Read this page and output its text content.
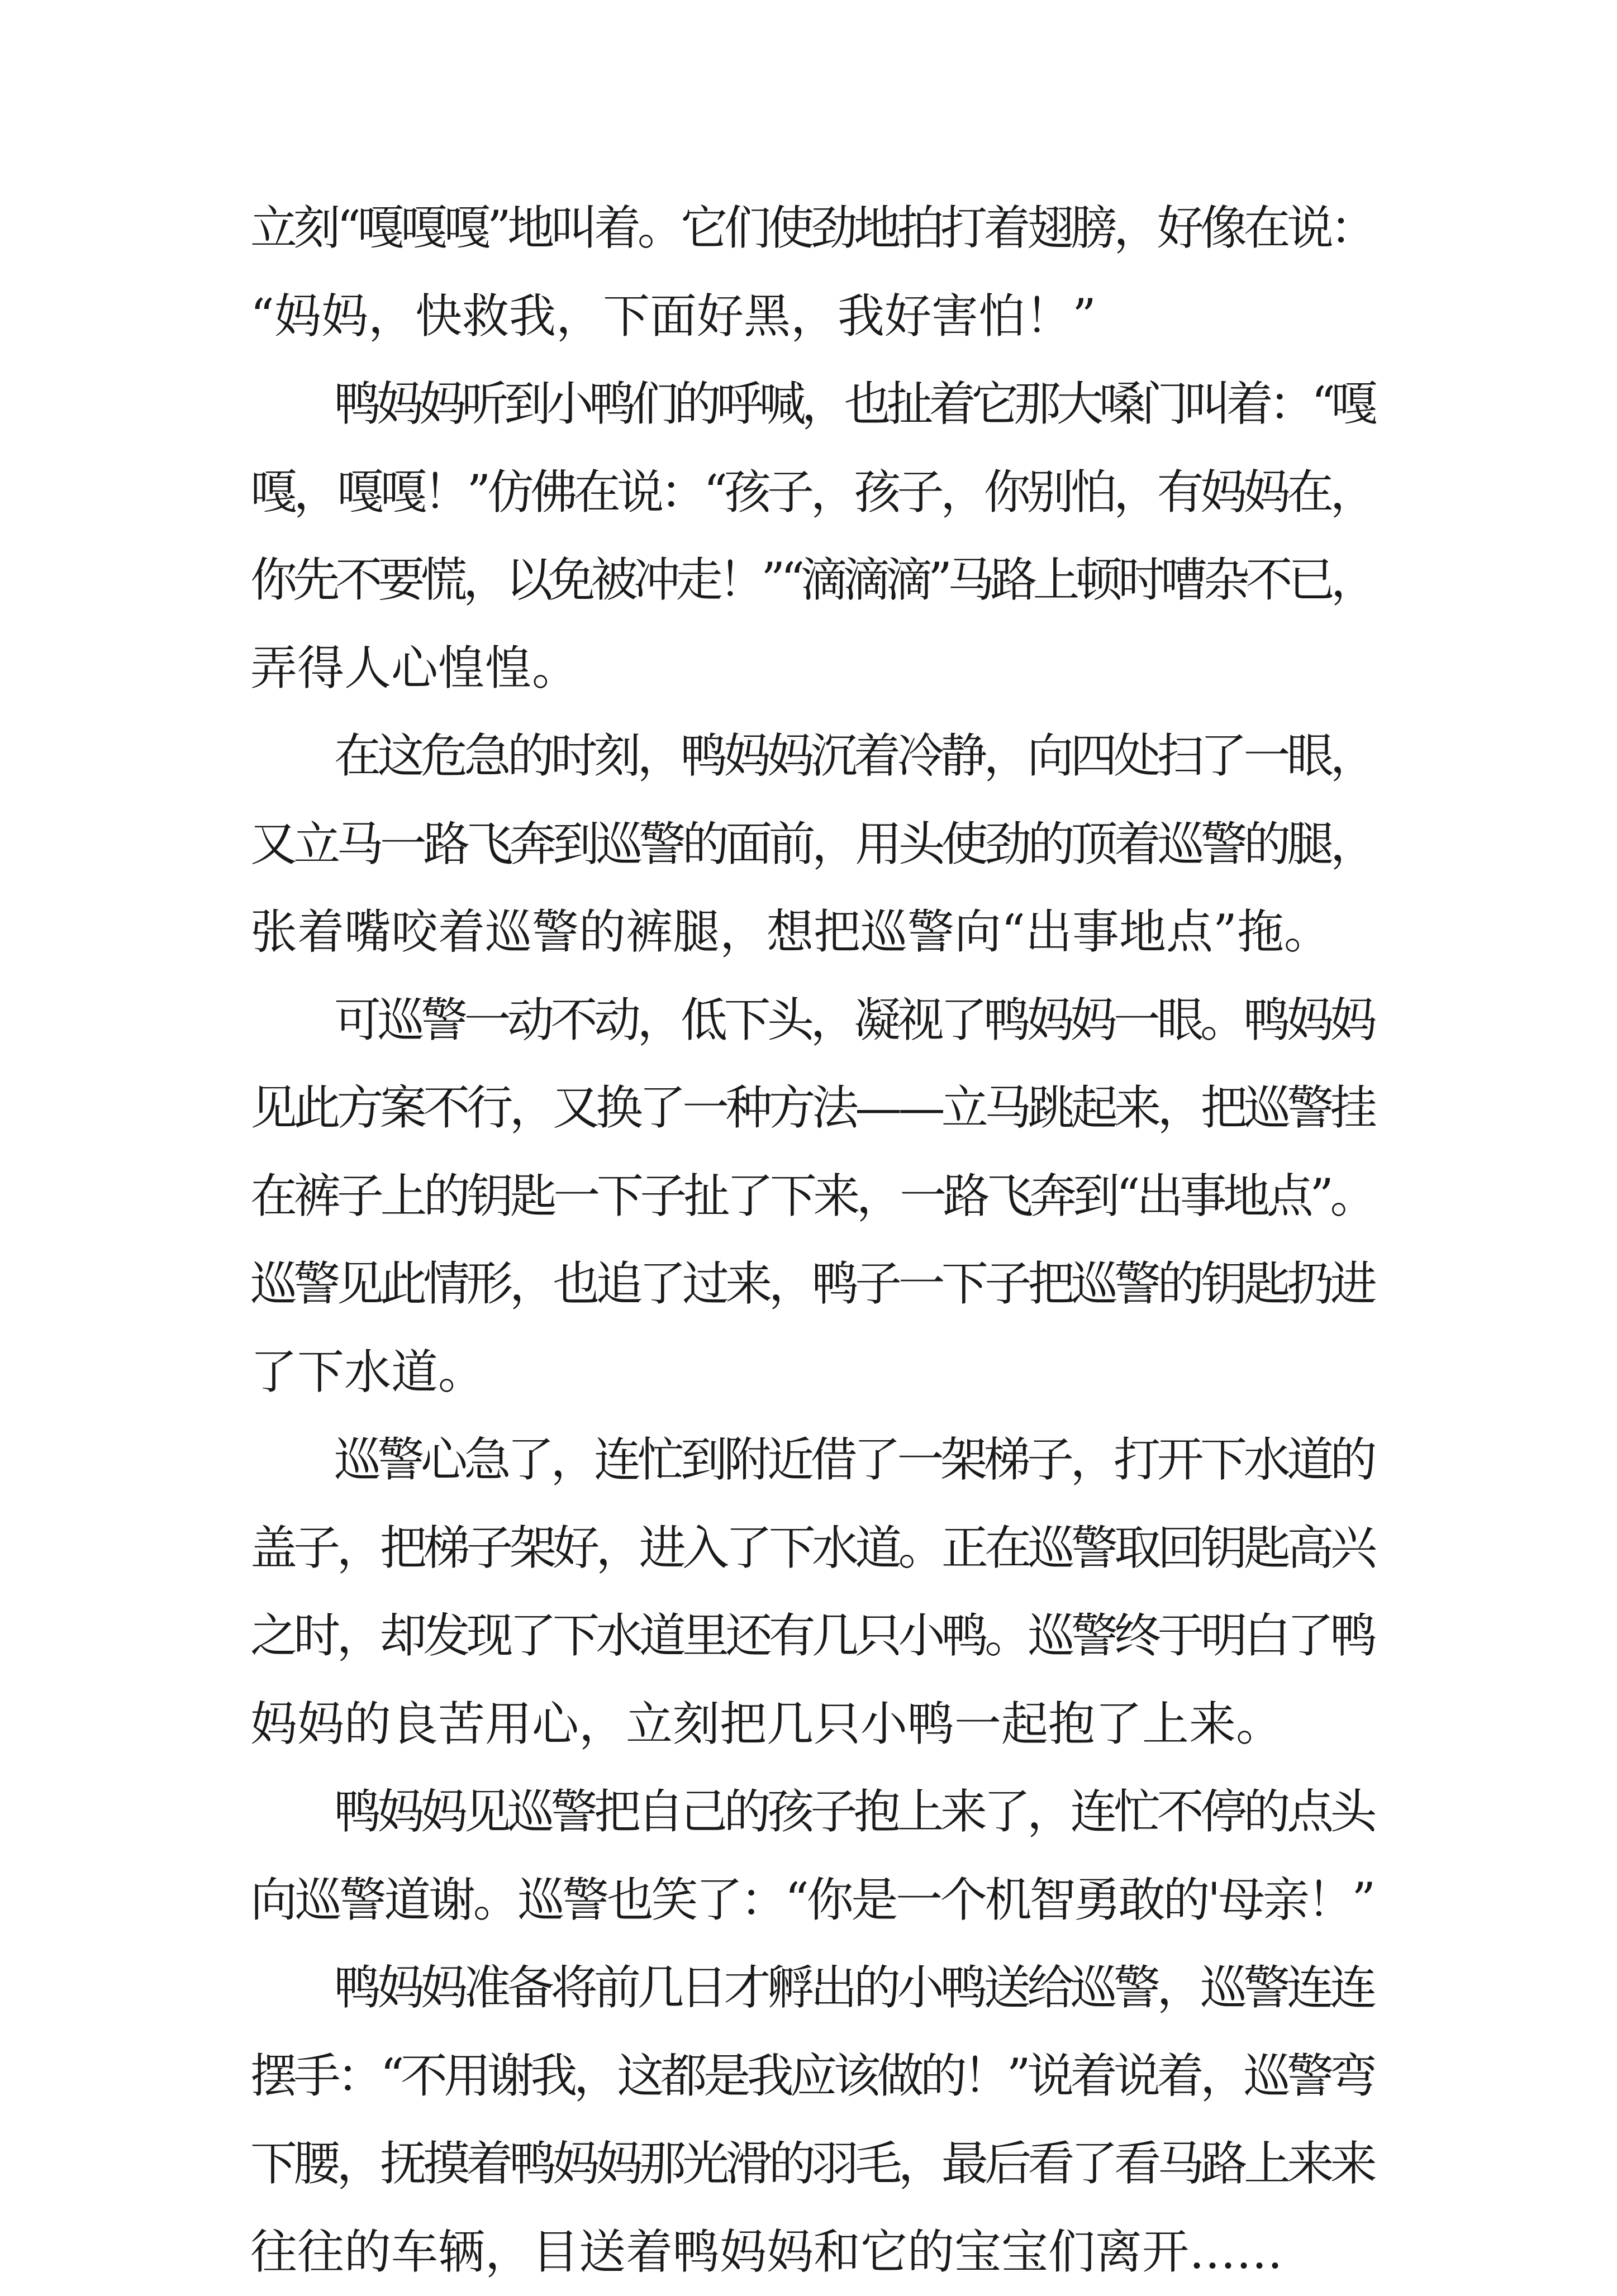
立刻“嘎嘎嘎”地叫着。它们使劲地拍打着翅膀，好像在说：
“妈妈，快救我，下面好黑，我好害怕！”
鸭妈妈听到小鸭们的呼喊，也扯着它那大嗓门叫着：“嘎
嘎，嘎嘎！”仿佛在说：“孩子，孩子，你别怕，有妈妈在，
你先不要慌，以免被冲走！”“滴滴滴”马路上顿时嘈杂不已，
弄得人心惶惶。
在这危急的时刻，鸭妈妈沉着冷静，向四处扫了一眼，
又立马一路飞奔到巡警的面前，用头使劲的顶着巡警的腿，
张着嘴咬着巡警的裤腿，想把巡警向“出事地点”拖。
可巡警一动不动，低下头，凝视了鸭妈妈一眼。鸭妈妈
见此方案不行，又换了一种方法——立马跳起来，把巡警挂
在裤子上的钥匙一下子扯了下来，一路飞奔到“出事地点”。
巡警见此情形，也追了过来，鸭子一下子把巡警的钥匙扔进
了下水道。
巡警心急了，连忙到附近借了一架梯子，打开下水道的
盖子，把梯子架好，进入了下水道。正在巡警取回钥匙高兴
之时，却发现了下水道里还有几只小鸭。巡警终于明白了鸭
妈妈的良苦用心，立刻把几只小鸭一起抱了上来。
鸭妈妈见巡警把自己的孩子抱上来了，连忙不停的点头
向巡警道谢。巡警也笑了：“你是一个机智勇敢的'母亲！”
鸭妈妈准备将前几日才孵出的小鸭送给巡警，巡警连连
摆手：“不用谢我，这都是我应该做的！”说着说着，巡警弯
下腰，抚摸着鸭妈妈那光滑的羽毛，最后看了看马路上来来
往往的车辆，目送着鸭妈妈和它的宝宝们离开……
